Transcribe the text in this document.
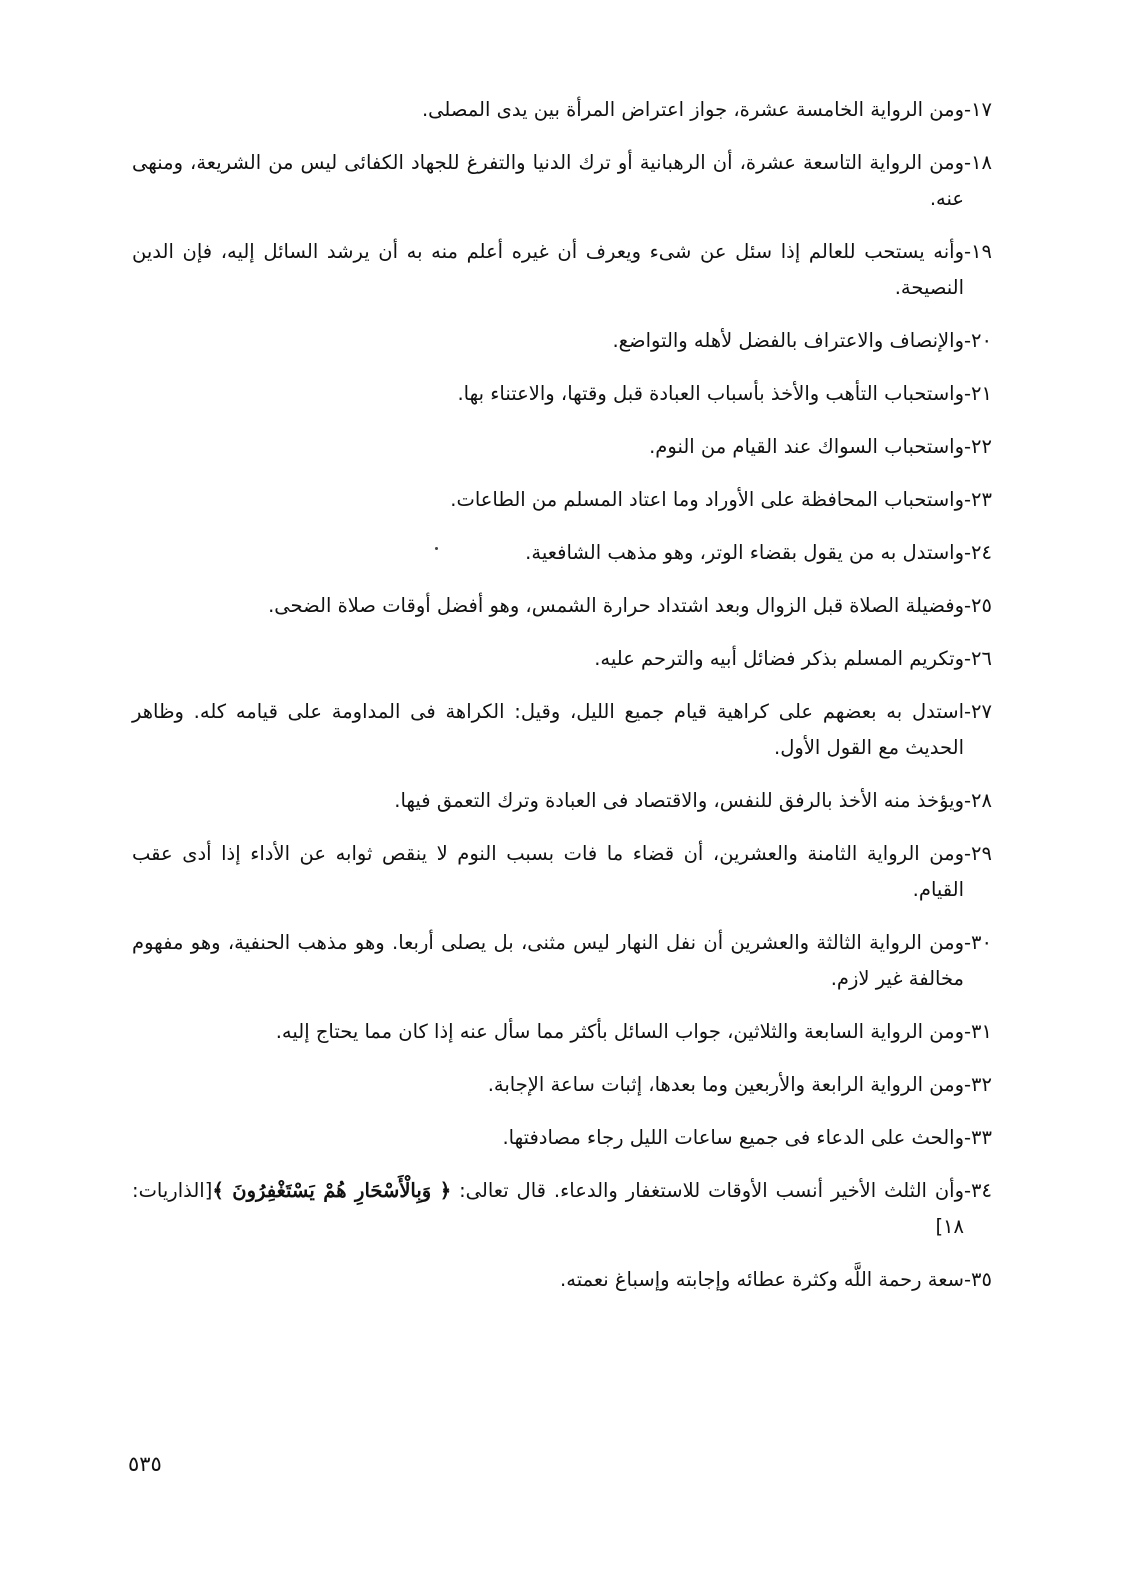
١٧-
ومن الرواية الخامسة عشرة، جواز اعتراض المرأة بين يدى المصلى.
١٨-
ومن الرواية التاسعة عشرة، أن الرهبانية أو ترك الدنيا والتفرغ للجهاد الكفائى ليس من الشريعة، ومنهى عنه.
١٩-
وأنه يستحب للعالم إذا سئل عن شىء ويعرف أن غيره أعلم منه به أن يرشد السائل إليه، فإن الدين النصيحة.
٢٠-
والإنصاف والاعتراف بالفضل لأهله والتواضع.
٢١-
واستحباب التأهب والأخذ بأسباب العبادة قبل وقتها، والاعتناء بها.
٢٢-
واستحباب السواك عند القيام من النوم.
٢٣-
واستحباب المحافظة على الأوراد وما اعتاد المسلم من الطاعات.
٢٤-
واستدل به من يقول بقضاء الوتر، وهو مذهب الشافعية.
٢٥-
وفضيلة الصلاة قبل الزوال وبعد اشتداد حرارة الشمس، وهو أفضل أوقات صلاة الضحى.
٢٦-
وتكريم المسلم بذكر فضائل أبيه والترحم عليه.
٢٧-
استدل به بعضهم على كراهية قيام جميع الليل، وقيل: الكراهة فى المداومة على قيامه كله. وظاهر الحديث مع القول الأول.
٢٨-
ويؤخذ منه الأخذ بالرفق للنفس، والاقتصاد فى العبادة وترك التعمق فيها.
٢٩-
ومن الرواية الثامنة والعشرين، أن قضاء ما فات بسبب النوم لا ينقص ثوابه عن الأداء إذا أدى عقب القيام.
٣٠-
ومن الرواية الثالثة والعشرين أن نفل النهار ليس مثنى، بل يصلى أربعا. وهو مذهب الحنفية، وهو مفهوم مخالفة غير لازم.
٣١-
ومن الرواية السابعة والثلاثين، جواب السائل بأكثر مما سأل عنه إذا كان مما يحتاج إليه.
٣٢-
ومن الرواية الرابعة والأربعين وما بعدها، إثبات ساعة الإجابة.
٣٣-
والحث على الدعاء فى جميع ساعات الليل رجاء مصادفتها.
٣٤-
وأن الثلث الأخير أنسب الأوقات للاستغفار والدعاء. قال تعالى: ﴿ وَبِالْأَسْحَارِ هُمْ يَسْتَغْفِرُونَ ﴾[الذاريات: ١٨]
٣٥-
سعة رحمة اللَّه وكثرة عطائه وإجابته وإسباغ نعمته.
٥٣٥
